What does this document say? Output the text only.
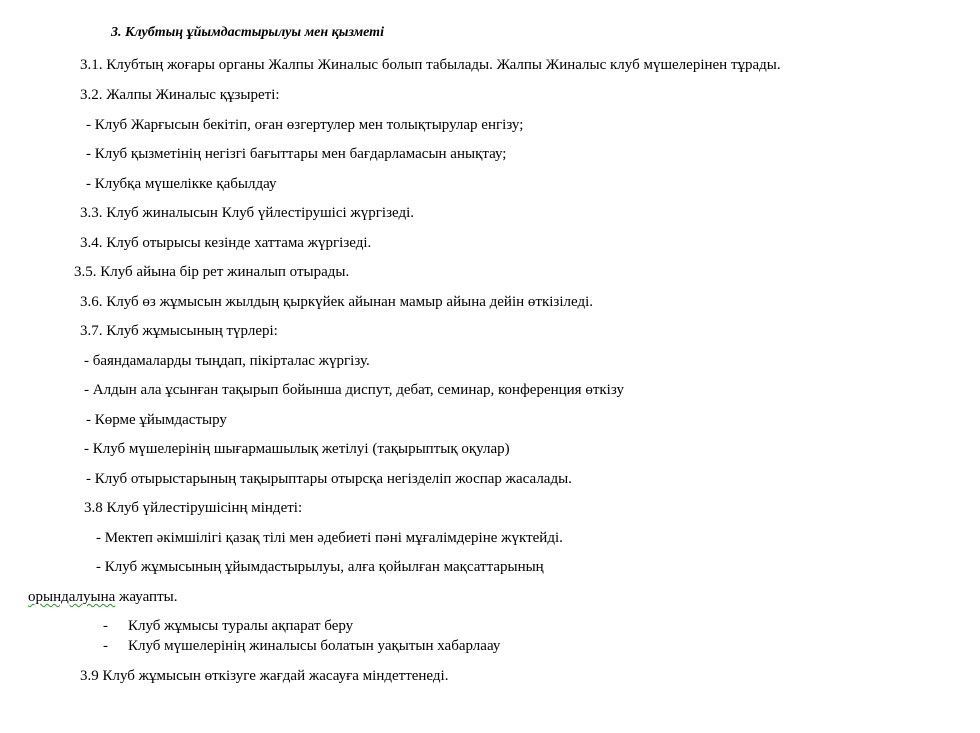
3. Клубтың ұйымдастырылуы мен қызметі
3.1. Клубтың жоғары органы Жалпы Жиналыс болып табылады. Жалпы Жиналыс клуб мүшелерінен тұрады.
3.2. Жалпы Жиналыс құзыреті:
- Клуб Жарғысын бекітіп, оған өзгертулер мен толықтырулар енгізу;
- Клуб қызметінің негізгі бағыттары мен бағдарламасын анықтау;
- Клубқа мүшелікке қабылдау
3.3. Клуб жиналысын Клуб үйлестірушісі жүргізеді.
3.4. Клуб отырысы кезінде хаттама жүргізеді.
3.5. Клуб айына бір рет жиналып отырады.
3.6. Клуб өз жұмысын жылдың қыркүйек айынан мамыр айына дейін өткізіледі.
3.7. Клуб жұмысының түрлері:
- баяндамаларды тыңдап, пікірталас жүргізу.
- Алдын ала ұсынған тақырып бойынша диспут, дебат, семинар, конференция өткізу
- Көрме ұйымдастыру
- Клуб мүшелерінің шығармашылық жетілуі (тақырыптық оқулар)
- Клуб отырыстарының тақырыптары отырсқа негізделіп жоспар жасалады.
3.8 Клуб үйлестірушісінң міндеті:
- Мектеп әкімшілігі қазақ тілі мен әдебиеті пәні мұғалімдеріне жүктейді.
- Клуб жұмысының ұйымдастырылуы, алға қойылған мақсаттарының
орындалуына жауапты.
- Клуб жұмысы туралы ақпарат беру
- Клуб мүшелерінің жиналысы болатын уақытын хабарлаау
3.9 Клуб жұмысын өткізуге жағдай жасауға міндеттенеді.
